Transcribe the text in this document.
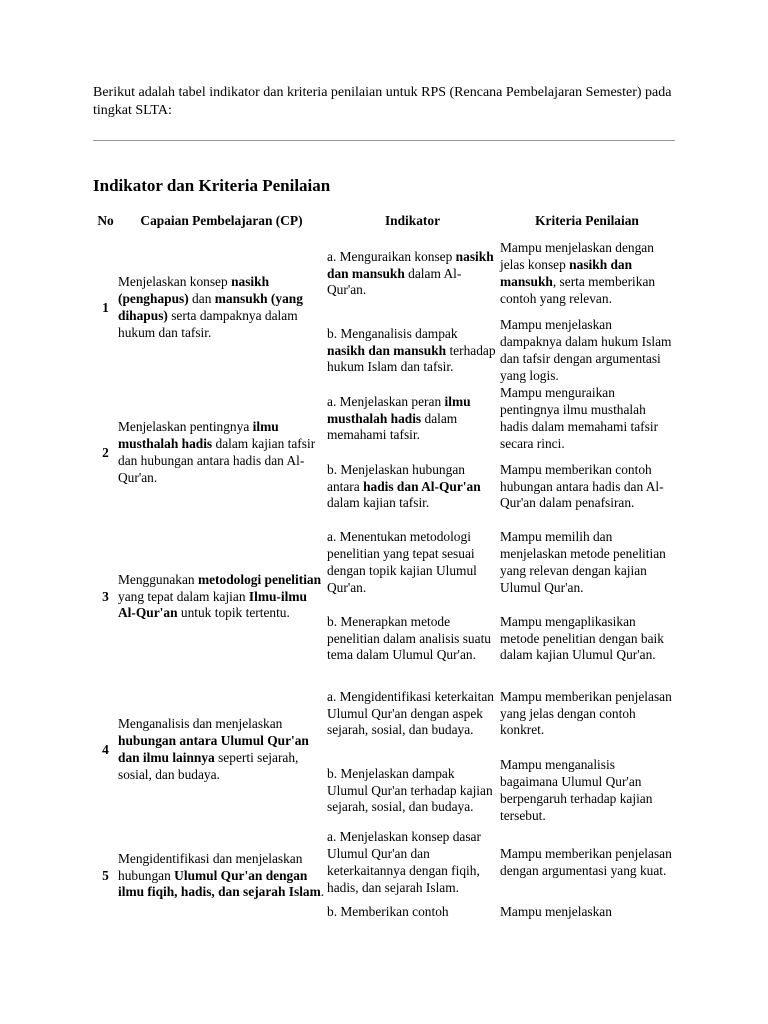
Berikut adalah tabel indikator dan kriteria penilaian untuk RPS (Rencana Pembelajaran Semester) pada tingkat SLTA:

Indikator dan Kriteria Penilaian
No	Capaian Pembelajaran (CP)	Indikator	Kriteria Penilaian
1	Menjelaskan konsep nasikh (penghapus) dan mansukh (yang dihapus) serta dampaknya dalam hukum dan tafsir.	a. Menguraikan konsep nasikh dan mansukh dalam Al-Qur'an.	Mampu menjelaskan dengan jelas konsep nasikh dan mansukh, serta memberikan contoh yang relevan.
		b. Menganalisis dampak nasikh dan mansukh terhadap hukum Islam dan tafsir.	Mampu menjelaskan dampaknya dalam hukum Islam dan tafsir dengan argumentasi yang logis.
2	Menjelaskan pentingnya ilmu musthalah hadis dalam kajian tafsir dan hubungan antara hadis dan Al-Qur'an.	a. Menjelaskan peran ilmu musthalah hadis dalam memahami tafsir.	Mampu menguraikan pentingnya ilmu musthalah hadis dalam memahami tafsir secara rinci.
		b. Menjelaskan hubungan antara hadis dan Al-Qur'an dalam kajian tafsir.	Mampu memberikan contoh hubungan antara hadis dan Al-Qur'an dalam penafsiran.
3	Menggunakan metodologi penelitian yang tepat dalam kajian Ilmu-ilmu Al-Qur'an untuk topik tertentu.	a. Menentukan metodologi penelitian yang tepat sesuai dengan topik kajian Ulumul Qur'an.	Mampu memilih dan menjelaskan metode penelitian yang relevan dengan kajian Ulumul Qur'an.
		b. Menerapkan metode penelitian dalam analisis suatu tema dalam Ulumul Qur'an.	Mampu mengaplikasikan metode penelitian dengan baik dalam kajian Ulumul Qur'an.
4	Menganalisis dan menjelaskan hubungan antara Ulumul Qur'an dan ilmu lainnya seperti sejarah, sosial, dan budaya.	a. Mengidentifikasi keterkaitan Ulumul Qur'an dengan aspek sejarah, sosial, dan budaya.	Mampu memberikan penjelasan yang jelas dengan contoh konkret.
		b. Menjelaskan dampak Ulumul Qur'an terhadap kajian sejarah, sosial, dan budaya.	Mampu menganalisis bagaimana Ulumul Qur'an berpengaruh terhadap kajian tersebut.
5	Mengidentifikasi dan menjelaskan hubungan Ulumul Qur'an dengan ilmu fiqih, hadis, dan sejarah Islam.	a. Menjelaskan konsep dasar Ulumul Qur'an dan keterkaitannya dengan fiqih, hadis, dan sejarah Islam.	Mampu memberikan penjelasan dengan argumentasi yang kuat.
		b. Memberikan contoh	Mampu menjelaskan
